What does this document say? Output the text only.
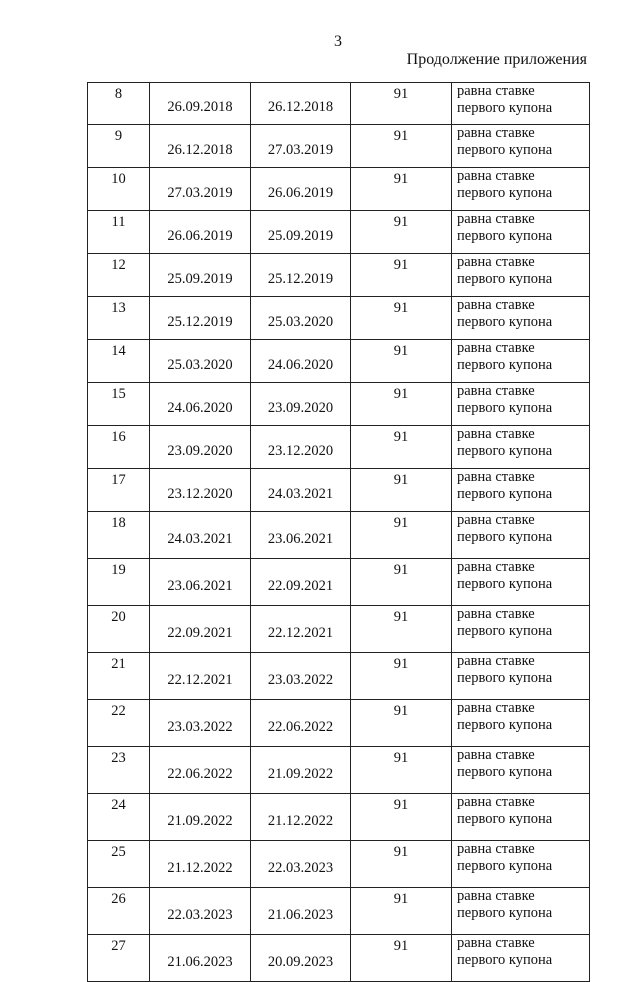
3
Продолжение приложения
8	26.09.2018	26.12.2018	91	равна ставке
первого купона

9	26.12.2018	27.03.2019	91	равна ставке
первого купона

10	27.03.2019	26.06.2019	91	равна ставке
первого купона

11	26.06.2019	25.09.2019	91	равна ставке
первого купона

12	25.09.2019	25.12.2019	91	равна ставке
первого купона

13	25.12.2019	25.03.2020	91	равна ставке
первого купона

14	25.03.2020	24.06.2020	91	равна ставке
первого купона

15	24.06.2020	23.09.2020	91	равна ставке
первого купона

16	23.09.2020	23.12.2020	91	равна ставке
первого купона

17	23.12.2020	24.03.2021	91	равна ставке
первого купона

18	24.03.2021	23.06.2021	91	равна ставке
первого купона

19	23.06.2021	22.09.2021	91	равна ставке
первого купона

20	22.09.2021	22.12.2021	91	равна ставке
первого купона

21	22.12.2021	23.03.2022	91	равна ставке
первого купона

22	23.03.2022	22.06.2022	91	равна ставке
первого купона

23	22.06.2022	21.09.2022	91	равна ставке
первого купона

24	21.09.2022	21.12.2022	91	равна ставке
первого купона

25	21.12.2022	22.03.2023	91	равна ставке
первого купона

26	22.03.2023	21.06.2023	91	равна ставке
первого купона

27	21.06.2023	20.09.2023	91	равна ставке
первого купона
